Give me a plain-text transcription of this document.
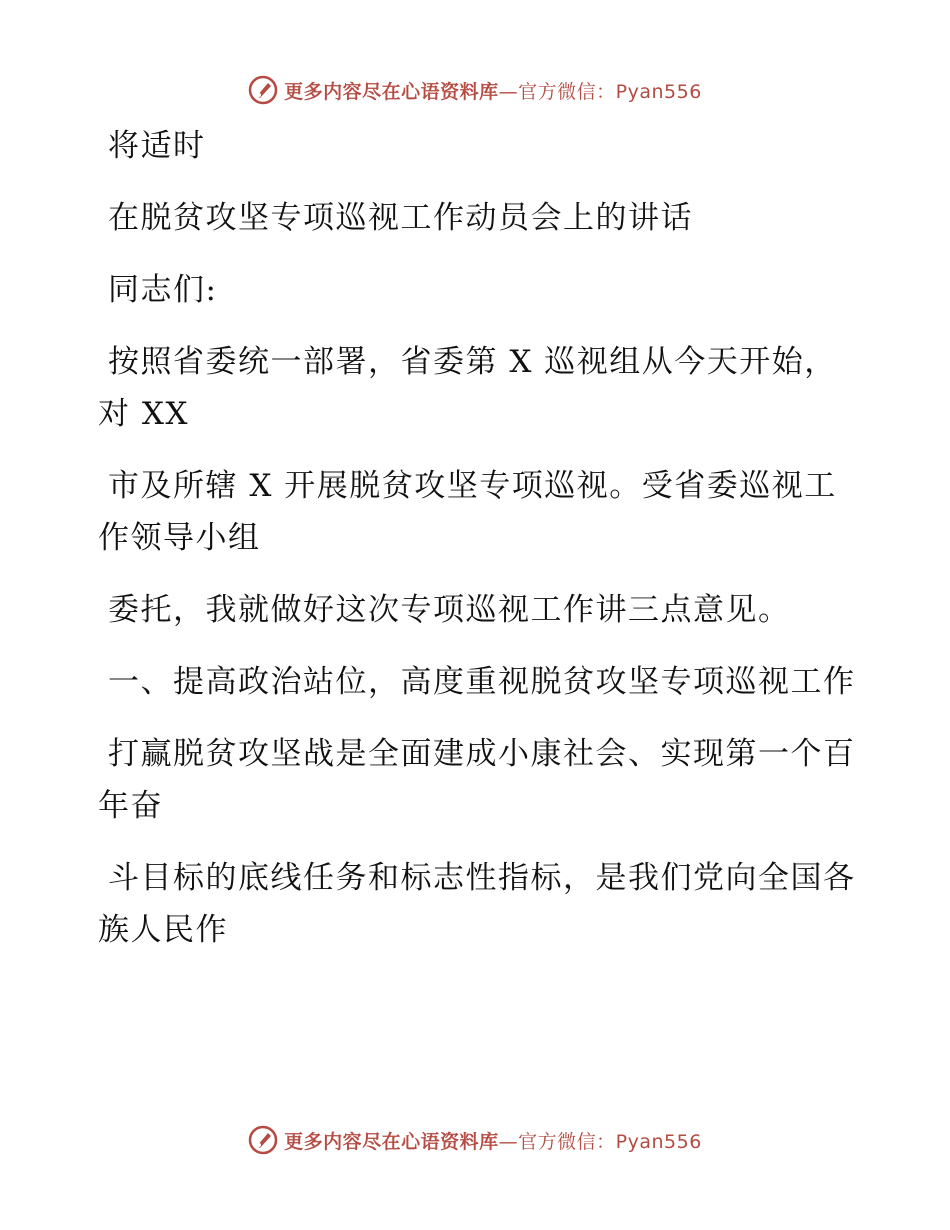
更多内容尽在心语资料库—官方微信：Pyan556

将适时

在脱贫攻坚专项巡视工作动员会上的讲话

同志们:

按照省委统一部署，省委第 X 巡视组从今天开始，对 XX

市及所辖 X 开展脱贫攻坚专项巡视。受省委巡视工作领导小组

委托，我就做好这次专项巡视工作讲三点意见。

一、提高政治站位，高度重视脱贫攻坚专项巡视工作

打赢脱贫攻坚战是全面建成小康社会、实现第一个百年奋

斗目标的底线任务和标志性指标，是我们党向全国各族人民作

更多内容尽在心语资料库—官方微信：Pyan556
